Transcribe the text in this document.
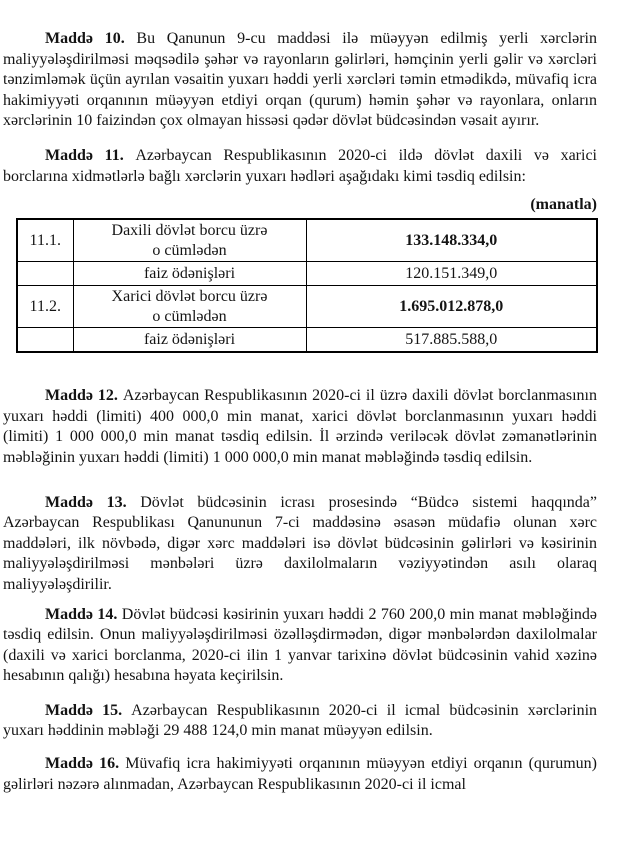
Maddə 10. Bu Qanunun 9-cu maddəsi ilə müəyyən edilmiş yerli xərclərin maliyyələşdirilməsi məqsədilə şəhər və rayonların gəlirləri, həmçinin yerli gəlir və xərcləri tənzimləmək üçün ayrılan vəsaitin yuxarı həddi yerli xərcləri təmin etmədikdə, müvafiq icra hakimiyyəti orqanının müəyyən etdiyi orqan (qurum) həmin şəhər və rayonlara, onların xərclərinin 10 faizindən çox olmayan hissəsi qədər dövlət büdcəsindən vəsait ayırır.

Maddə 11. Azərbaycan Respublikasının 2020-ci ildə dövlət daxili və xarici borclarına xidmətlərlə bağlı xərclərin yuxarı hədləri aşağıdakı kimi təsdiq edilsin:

(manatla)
11.1.	Daxili dövlət borcu üzrə
o cümlədən	133.148.334,0
	faiz ödənişləri	120.151.349,0
11.2.	Xarici dövlət borcu üzrə
o cümlədən	1.695.012.878,0
	faiz ödənişləri	517.885.588,0

Maddə 12. Azərbaycan Respublikasının 2020-ci il üzrə daxili dövlət borclanmasının yuxarı həddi (limiti) 400 000,0 min manat, xarici dövlət borclanmasının yuxarı həddi (limiti) 1 000 000,0 min manat təsdiq edilsin. İl ərzində veriləcək dövlət zəmanətlərinin məbləğinin yuxarı həddi (limiti) 1 000 000,0 min manat məbləğində təsdiq edilsin.

Maddə 13. Dövlət büdcəsinin icrası prosesində “Büdcə sistemi haqqında” Azərbaycan Respublikası Qanununun 7-ci maddəsinə əsasən müdafiə olunan xərc maddələri, ilk növbədə, digər xərc maddələri isə dövlət büdcəsinin gəlirləri və kəsirinin maliyyələşdirilməsi mənbələri üzrə daxilolmaların vəziyyətindən asılı olaraq maliyyələşdirilir.

Maddə 14. Dövlət büdcəsi kəsirinin yuxarı həddi 2 760 200,0 min manat məbləğində təsdiq edilsin. Onun maliyyələşdirilməsi özəlləşdirmədən, digər mənbələrdən daxilolmalar (daxili və xarici borclanma, 2020-ci ilin 1 yanvar tarixinə dövlət büdcəsinin vahid xəzinə hesabının qalığı) hesabına həyata keçirilsin.

Maddə 15. Azərbaycan Respublikasının 2020-ci il icmal büdcəsinin xərclərinin yuxarı həddinin məbləği 29 488 124,0 min manat müəyyən edilsin.

Maddə 16. Müvafiq icra hakimiyyəti orqanının müəyyən etdiyi orqanın (qurumun) gəlirləri nəzərə alınmadan, Azərbaycan Respublikasının 2020-ci il icmal
